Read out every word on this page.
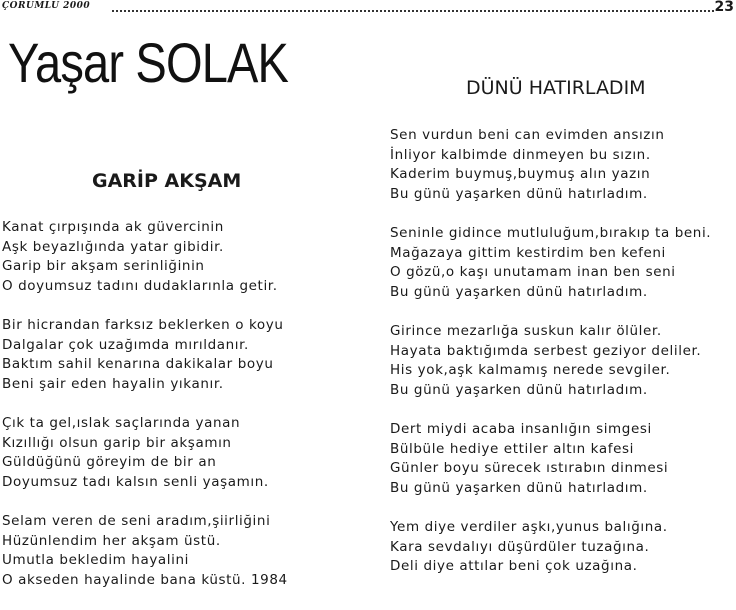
ÇORUMLU 2000	23
Yaşar SOLAK
GARİP AKŞAM
DÜNÜ HATIRLADIM
Kanat çırpışında ak güvercinin
Aşk beyazlığında yatar gibidir.
Garip bir akşam serinliğinin
O doyumsuz tadını dudaklarınla getir.
Bir hicrandan farksız beklerken o koyu
Dalgalar çok uzağımda mırıldanır.
Baktım sahil kenarına dakikalar boyu
Beni şair eden hayalin yıkanır.
Çık ta gel,ıslak saçlarında yanan
Kızıllığı olsun garip bir akşamın
Güldüğünü göreyim de bir an
Doyumsuz tadı kalsın senli yaşamın.
Selam veren de seni aradım,şiirliğini
Hüzünlendim her akşam üstü.
Umutla bekledim hayalini
O akseden hayalinde bana küstü. 1984
Sen vurdun beni can evimden ansızın
İnliyor kalbimde dinmeyen bu sızın.
Kaderim buymuş,buymuş alın yazın
Bu günü yaşarken dünü hatırladım.
Seninle gidince mutluluğum,bırakıp ta beni.
Mağazaya gittim kestirdim ben kefeni
O gözü,o kaşı unutamam inan ben seni
Bu günü yaşarken dünü hatırladım.
Girince mezarlığa suskun kalır ölüler.
Hayata baktığımda serbest geziyor deliler.
His yok,aşk kalmamış nerede sevgiler.
Bu günü yaşarken dünü hatırladım.
Dert miydi acaba insanlığın simgesi
Bülbüle hediye ettiler altın kafesi
Günler boyu sürecek ıstırabın dinmesi
Bu günü yaşarken dünü hatırladım.
Yem diye verdiler aşkı,yunus balığına.
Kara sevdalıyı düşürdüler tuzağına.
Deli diye attılar beni çok uzağına.
